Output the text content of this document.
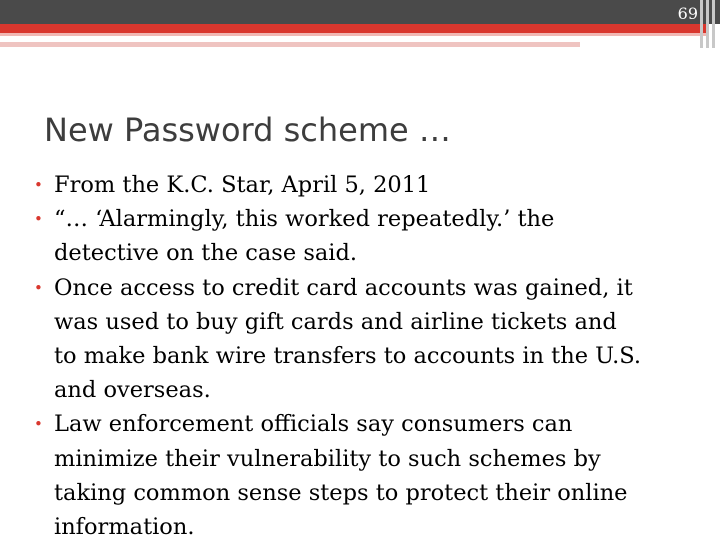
69
New Password scheme …
• From the K.C. Star, April 5, 2011
• “… ‘Alarmingly, this worked repeatedly.’ the
detective on the case said.
• Once access to credit card accounts was gained, it
was used to buy gift cards and airline tickets and
to make bank wire transfers to accounts in the U.S.
and overseas.
• Law enforcement officials say consumers can
minimize their vulnerability to such schemes by
taking common sense steps to protect their online
information.
